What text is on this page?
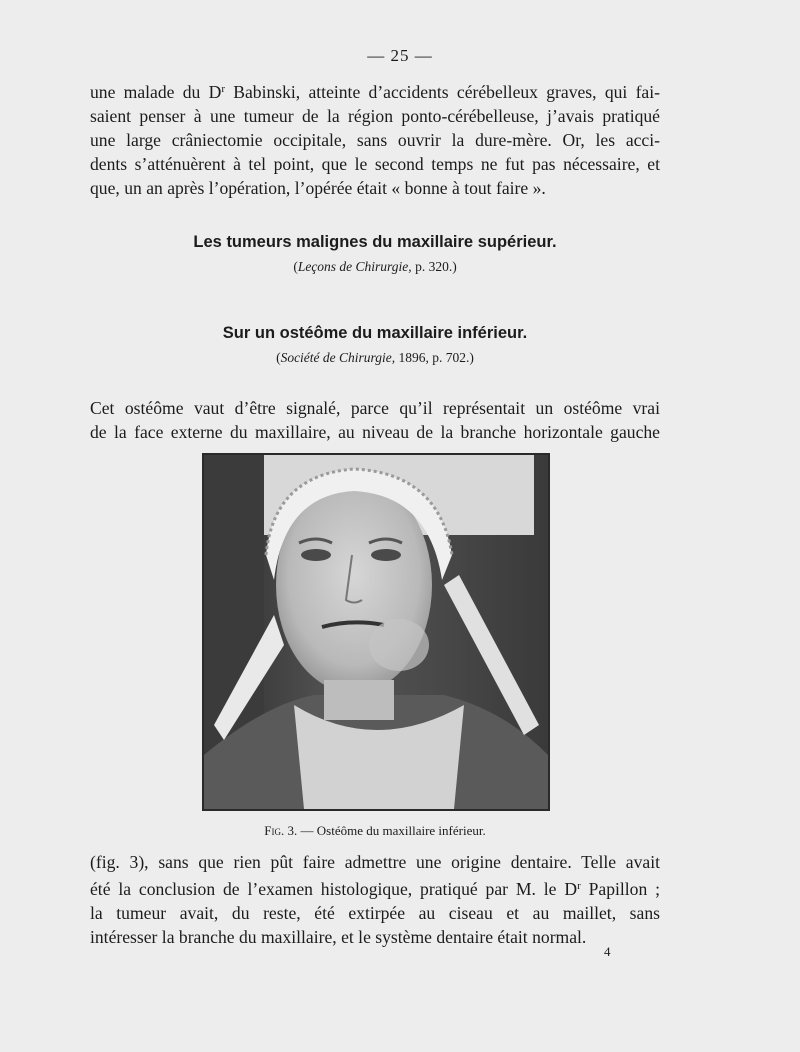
— 25 —
une malade du $D^r$ Babinski, atteinte d’accidents cérébelleux graves, qui fai-
saient penser à une tumeur de la région ponto-cérébelleuse, j’avais pratiqué
une large crâniectomie occipitale, sans ouvrir la dure-mère. Or, les acci-
dents s’atténuèrent à tel point, que le second temps ne fut pas nécessaire, et
que, un an après l’opération, l’opérée était « bonne à tout faire ».
Les tumeurs malignes du maxillaire supérieur.
(Leçons de Chirurgie, p. 320.)
Sur un ostéôme du maxillaire inférieur.
(Société de Chirurgie, 1896, p. 702.)
Cet ostéôme vaut d’être signalé, parce qu’il représentait un ostéôme vrai
de la face externe du maxillaire, au niveau de la branche horizontale gauche
Fig. 3. — Ostéôme du maxillaire inférieur.
(fig. 3), sans que rien pût faire admettre une origine dentaire. Telle avait
été la conclusion de l’examen histologique, pratiqué par M. le $D^r$ Papillon ;
la tumeur avait, du reste, été extirpée au ciseau et au maillet, sans
intéresser la branche du maxillaire, et le système dentaire était normal.
4
